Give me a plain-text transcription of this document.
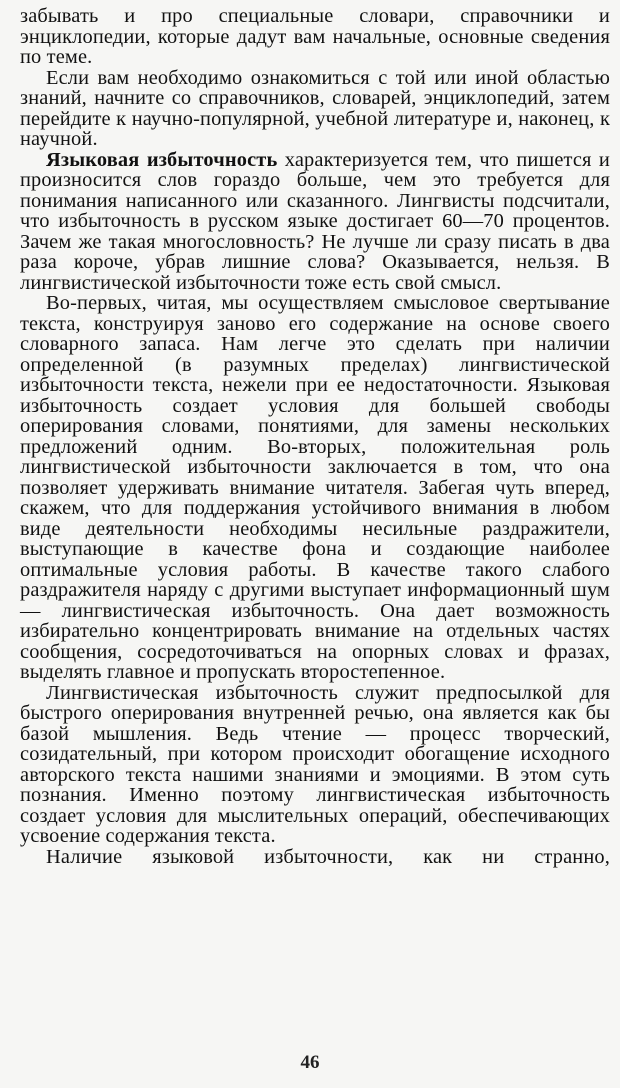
забывать и про специальные словари, справочники и энциклопедии, которые дадут вам начальные, основные сведения по теме.

Если вам необходимо ознакомиться с той или иной областью знаний, начните со справочников, словарей, энциклопедий, затем перейдите к научно-популярной, учебной литературе и, наконец, к научной.

Языковая избыточность характеризуется тем, что пишется и произносится слов гораздо больше, чем это требуется для понимания написанного или сказанного. Лингвисты подсчитали, что избыточность в русском языке достигает 60—70 процентов. Зачем же такая многословность? Не лучше ли сразу писать в два раза короче, убрав лишние слова? Оказывается, нельзя. В лингвистической избыточности тоже есть свой смысл.

Во-первых, читая, мы осуществляем смысловое свертывание текста, конструируя заново его содержание на основе своего словарного запаса. Нам легче это сделать при наличии определенной (в разумных пределах) лингвистической избыточности текста, нежели при ее недостаточности. Языковая избыточность создает условия для большей свободы оперирования словами, понятиями, для замены нескольких предложений одним. Во-вторых, положительная роль лингвистической избыточности заключается в том, что она позволяет удерживать внимание читателя. Забегая чуть вперед, скажем, что для поддержания устойчивого внимания в любом виде деятельности необходимы несильные раздражители, выступающие в качестве фона и создающие наиболее оптимальные условия работы. В качестве такого слабого раздражителя наряду с другими выступает информационный шум — лингвистическая избыточность. Она дает возможность избирательно концентрировать внимание на отдельных частях сообщения, сосредоточиваться на опорных словах и фразах, выделять главное и пропускать второстепенное.

Лингвистическая избыточность служит предпосылкой для быстрого оперирования внутренней речью, она является как бы базой мышления. Ведь чтение — процесс творческий, созидательный, при котором происходит обогащение исходного авторского текста нашими знаниями и эмоциями. В этом суть познания. Именно поэтому лингвистическая избыточность создает условия для мыслительных операций, обеспечивающих усвоение содержания текста.

Наличие языковой избыточности, как ни странно,

46
